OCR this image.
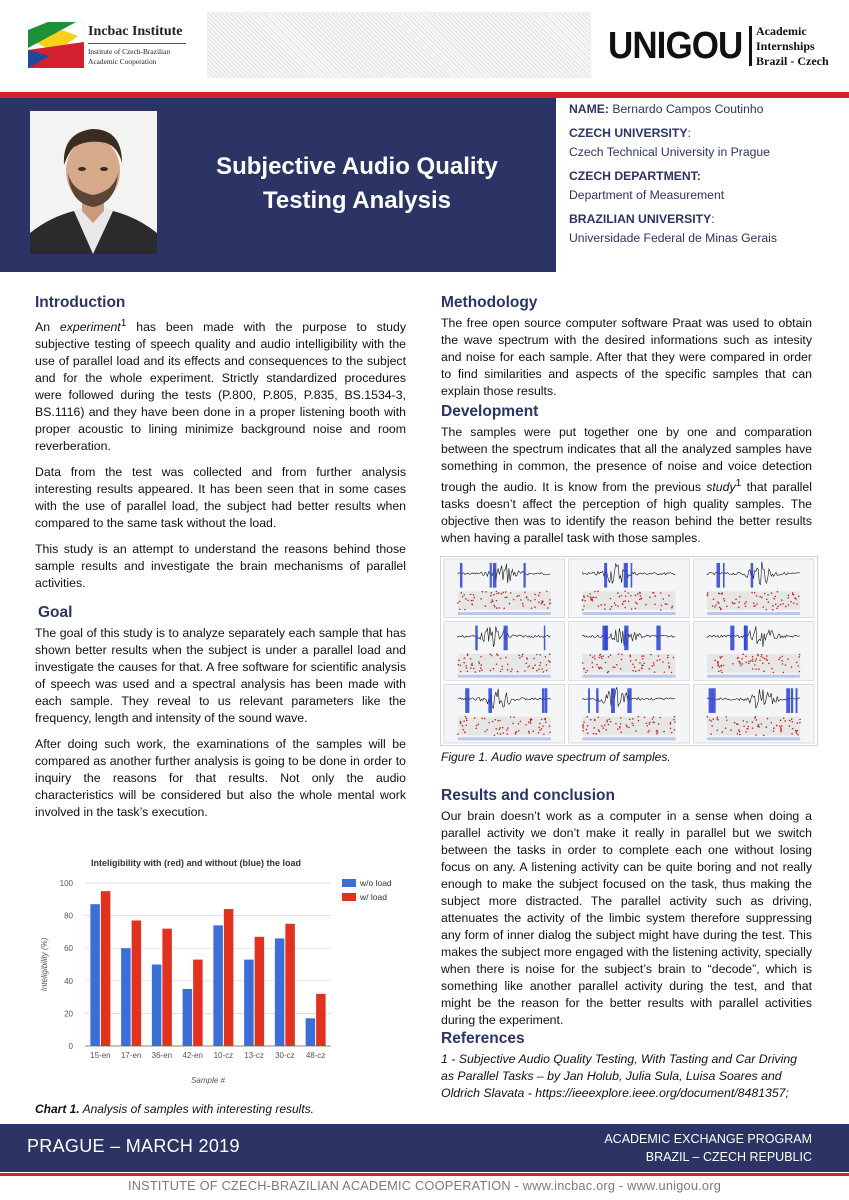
Incbac Institute
Institute of Czech-Brazilian Academic Cooperation	UNIGOU Academic
Internships
Brazil - Czech
Subjective Audio Quality
Testing Analysis
NAME: Bernardo Campos Coutinho
CZECH UNIVERSITY:
Czech Technical University in Prague
CZECH DEPARTMENT:
Department of Measurement
BRAZILIAN UNIVERSITY:
Universidade Federal de Minas Gerais
Introduction

An experiment$^1$ has been made with the purpose to study subjective testing of speech quality and audio intelligibility with the use of parallel load and its effects and consequences to the subject and for the whole experiment. Strictly standardized procedures were followed during the tests (P.800, P.805, P.835, BS.1534-3, BS.1116) and they have been done in a proper listening booth with proper acoustic to lining minimize background noise and room reverberation.

Data from the test was collected and from further analysis interesting results appeared. It has been seen that in some cases with the use of parallel load, the subject had better results when compared to the same task without the load.

This study is an attempt to understand the reasons behind those sample results and investigate the brain mechanisms of parallel activities.

Goal

The goal of this study is to analyze separately each sample that has shown better results when the subject is under a parallel load and investigate the causes for that. A free software for scientific analysis of speech was used and a spectral analysis has been made with each sample. They reveal to us relevant parameters like the frequency, length and intensity of the sound wave.

After doing such work, the examinations of the samples will be compared as another further analysis is going to be done in order to inquiry the reasons for that results. Not only the audio characteristics will be considered but also the whole mental work involved in the task’s execution.

Inteligibility with (red) and without (blue) the load
0
20
40
60
80
100
15-en 17-en 36-en 42-en 10-cz 13-cz 30-cz 48-cz
Sample #
Inteligibility (%)
w/o load
w/ load
Chart 1. Analysis of samples with interesting results.
Methodology

The free open source computer software Praat was used to obtain the wave spectrum with the desired informations such as intesity and noise for each sample. After that they were compared in order to find similarities and aspects of the specific samples that can explain those results.

Development

The samples were put together one by one and comparation between the spectrum indicates that all the analyzed samples have something in common, the presence of noise and voice detection trough the audio. It is know from the previous study$^1$ that parallel tasks doesn’t affect the perception of high quality samples. The objective then was to identify the reason behind the better results when having a parallel task with those samples.

Figure 1. Audio wave spectrum of samples.
Results and conclusion

Our brain doesn’t work as a computer in a sense when doing a parallel activity we don’t make it really in parallel but we switch between the tasks in order to complete each one without losing focus on any. A listening activity can be quite boring and not really enough to make the subject focused on the task, thus making the subject more distracted. The parallel activity such as driving, attenuates the activity of the limbic system therefore suppressing any form of inner dialog the subject might have during the test. This makes the subject more engaged with the listening activity, specially when there is noise for the subject’s brain to “decode”, which is something like another parallel activity during the test, and that might be the reason for the better results with parallel activities during the experiment.

References

1 - Subjective Audio Quality Testing, With Tasting and Car Driving as Parallel Tasks – by Jan Holub, Julia Sula, Luisa Soares and Oldrich Slavata - https://ieeexplore.ieee.org/document/8481357;

PRAGUE – MARCH 2019	ACADEMIC EXCHANGE PROGRAM
BRAZIL – CZECH REPUBLIC
INSTITUTE OF CZECH-BRAZILIAN ACADEMIC COOPERATION - www.incbac.org - www.unigou.org
